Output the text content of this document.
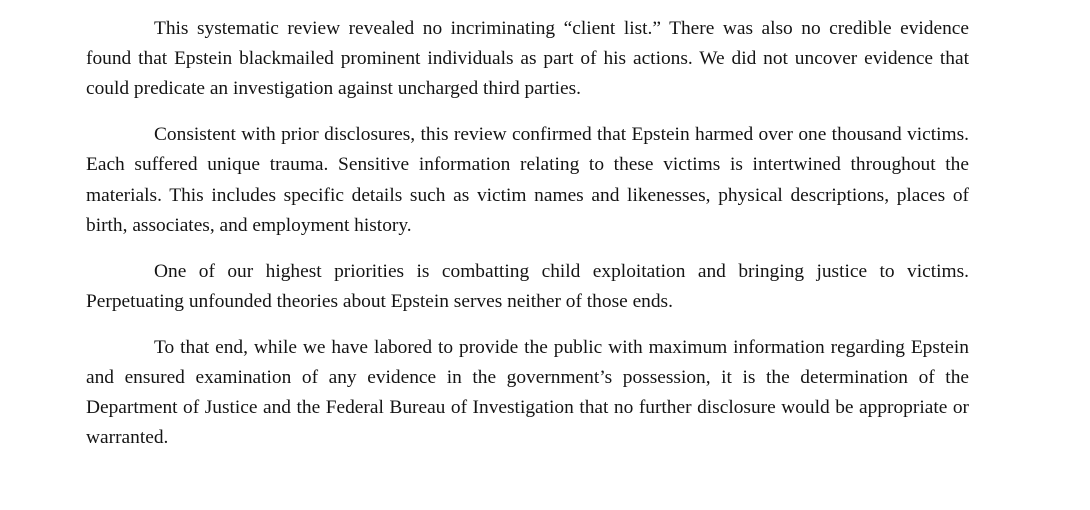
This systematic review revealed no incriminating “client list.” There was also no credible evidence found that Epstein blackmailed prominent individuals as part of his actions. We did not uncover evidence that could predicate an investigation against uncharged third parties.

Consistent with prior disclosures, this review confirmed that Epstein harmed over one thousand victims. Each suffered unique trauma. Sensitive information relating to these victims is intertwined throughout the materials. This includes specific details such as victim names and likenesses, physical descriptions, places of birth, associates, and employment history.

One of our highest priorities is combatting child exploitation and bringing justice to victims. Perpetuating unfounded theories about Epstein serves neither of those ends.

To that end, while we have labored to provide the public with maximum information regarding Epstein and ensured examination of any evidence in the government’s possession, it is the determination of the Department of Justice and the Federal Bureau of Investigation that no further disclosure would be appropriate or warranted.
